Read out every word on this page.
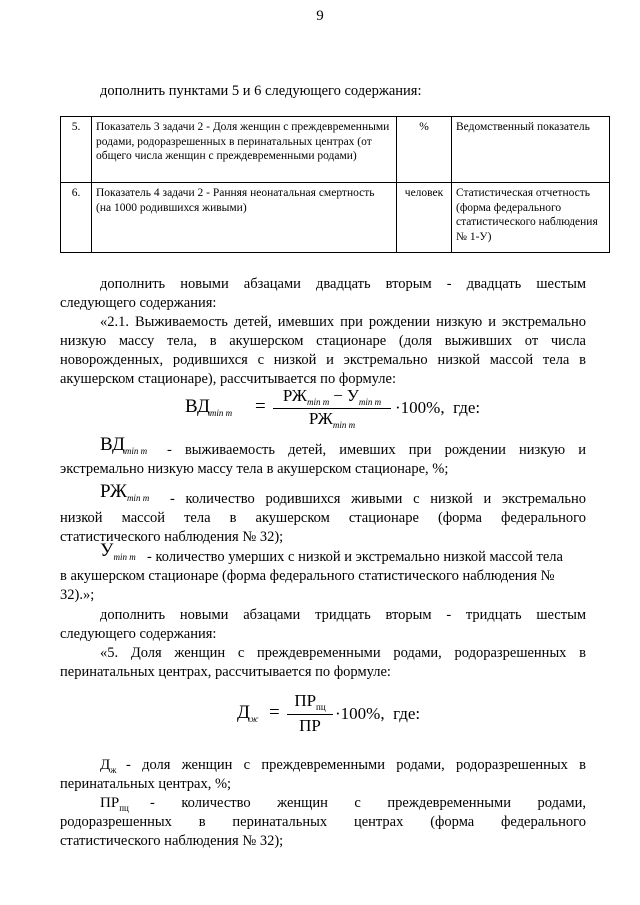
9
дополнить пунктами 5 и 6 следующего содержания:
5.	Показатель 3 задачи 2 - Доля женщин с преждевременными родами, родоразрешенных в перинатальных центрах (от общего числа женщин с преждевременными родами)	%	Ведомственный показатель
6.	Показатель 4 задачи 2 - Ранняя неонатальная смертность (на 1000 родившихся живыми)	человек	Статистическая отчетность (форма федерального статистического наблюдения № 1-У)
дополнить новыми абзацами двадцать вторым - двадцать шестым
следующего содержания:
«2.1. Выживаемость детей, имевших при рождении низкую и экстремально
низкую массу тела, в акушерском стационаре (доля выживших от числа
новорожденных, родившихся с низкой и экстремально низкой массой тела в
акушерском стационаре), рассчитывается по формуле:
$ВД_{min m}$ =
$РЖ_{min m} - У_{min m}$
$РЖ_{min m}$
·100%,  где:
$ВД_{min m}$	- выживаемость детей, имевших при рождении низкую и
экстремально низкую массу тела в акушерском стационаре, %;
$РЖ_{min m}$ - количество родившихся живыми с низкой и экстремально
низкой массой тела в акушерском стационаре (форма федерального
статистического наблюдения № 32);
$У_{min m}$ - количество умерших с низкой и экстремально низкой массой тела
в акушерском стационаре (форма федерального статистического наблюдения №
32).»;
дополнить новыми абзацами тридцать вторым - тридцать шестым
следующего содержания:
«5. Доля женщин с преждевременными родами, родоразрешенных в
перинатальных центрах, рассчитывается по формуле:
$Д_ж$ =
$ПР_{пц}$
ПР
·100%,  где:
$Д_ж$ - доля женщин с преждевременными родами, родоразрешенных в
перинатальных центрах, %;
$ПР_{пц}$ - количество женщин с преждевременными родами,
родоразрешенных в перинатальных центрах (форма федерального
статистического наблюдения № 32);
